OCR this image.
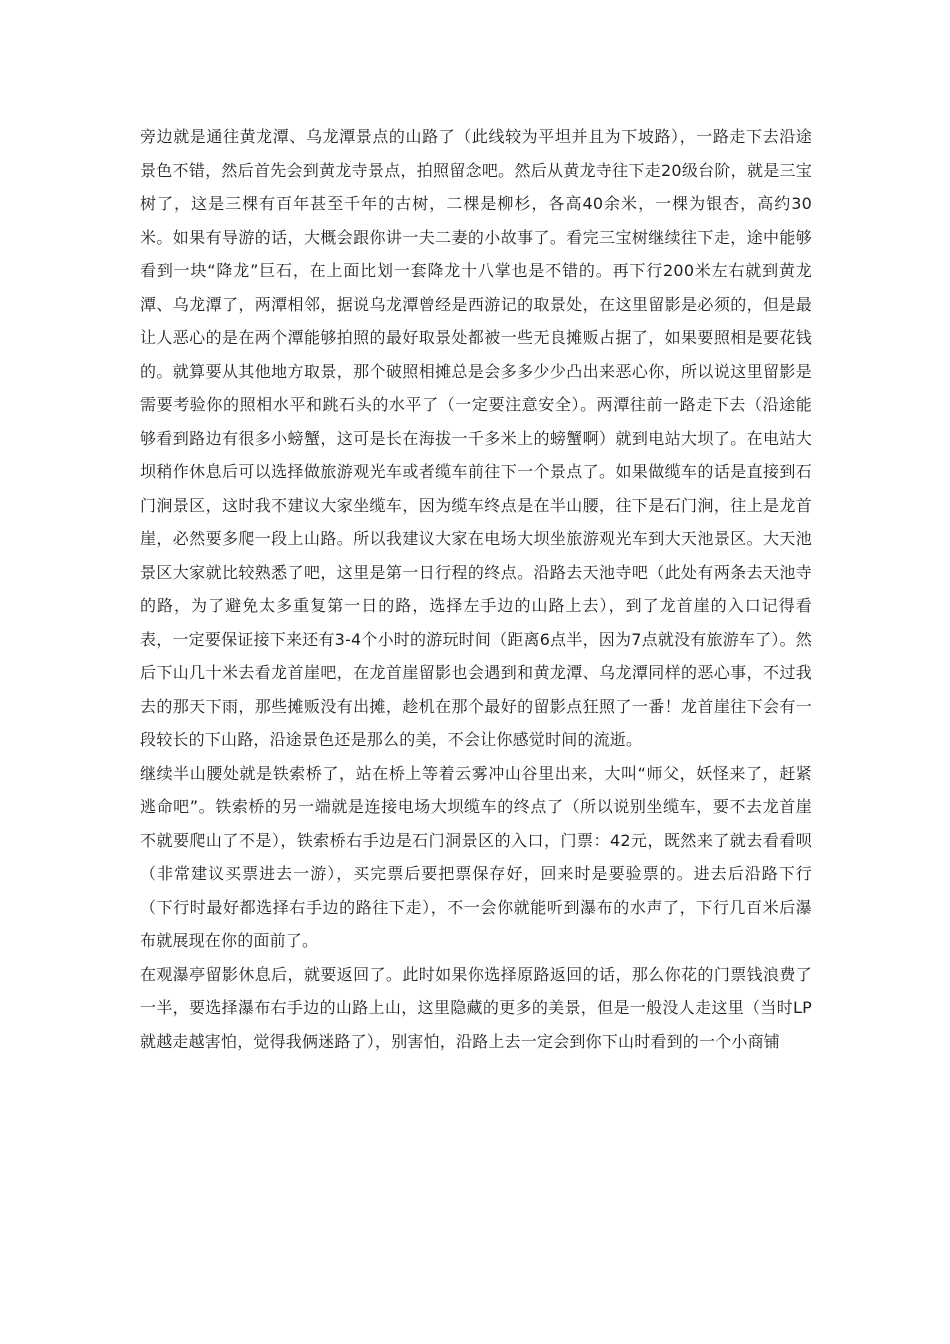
旁边就是通往黄龙潭、乌龙潭景点的山路了（此线较为平坦并且为下坡路），一路走下去沿途景色不错，然后首先会到黄龙寺景点，拍照留念吧。然后从黄龙寺往下走20级台阶，就是三宝树了，这是三棵有百年甚至千年的古树，二棵是柳杉，各高40余米，一棵为银杏，高约30米。如果有导游的话，大概会跟你讲一夫二妻的小故事了。看完三宝树继续往下走，途中能够看到一块“降龙”巨石，在上面比划一套降龙十八掌也是不错的。再下行200米左右就到黄龙潭、乌龙潭了，两潭相邻，据说乌龙潭曾经是西游记的取景处，在这里留影是必须的，但是最让人恶心的是在两个潭能够拍照的最好取景处都被一些无良摊贩占据了，如果要照相是要花钱的。就算要从其他地方取景，那个破照相摊总是会多多少少凸出来恶心你，所以说这里留影是需要考验你的照相水平和跳石头的水平了（一定要注意安全）。两潭往前一路走下去（沿途能够看到路边有很多小螃蟹，这可是长在海拔一千多米上的螃蟹啊）就到电站大坝了。在电站大坝稍作休息后可以选择做旅游观光车或者缆车前往下一个景点了。如果做缆车的话是直接到石门涧景区，这时我不建议大家坐缆车，因为缆车终点是在半山腰，往下是石门涧，往上是龙首崖，必然要多爬一段上山路。所以我建议大家在电场大坝坐旅游观光车到大天池景区。大天池景区大家就比较熟悉了吧，这里是第一日行程的终点。沿路去天池寺吧（此处有两条去天池寺的路，为了避免太多重复第一日的路，选择左手边的山路上去），到了龙首崖的入口记得看表，一定要保证接下来还有3-4个小时的游玩时间（距离6点半，因为7点就没有旅游车了）。然后下山几十米去看龙首崖吧，在龙首崖留影也会遇到和黄龙潭、乌龙潭同样的恶心事，不过我去的那天下雨，那些摊贩没有出摊，趁机在那个最好的留影点狂照了一番！龙首崖往下会有一段较长的下山路，沿途景色还是那么的美，不会让你感觉时间的流逝。

继续半山腰处就是铁索桥了，站在桥上等着云雾冲山谷里出来，大叫“师父，妖怪来了，赶紧逃命吧”。铁索桥的另一端就是连接电场大坝缆车的终点了（所以说别坐缆车，要不去龙首崖不就要爬山了不是），铁索桥右手边是石门洞景区的入口，门票：42元，既然来了就去看看呗（非常建议买票进去一游），买完票后要把票保存好，回来时是要验票的。进去后沿路下行（下行时最好都选择右手边的路往下走），不一会你就能听到瀑布的水声了，下行几百米后瀑布就展现在你的面前了。

在观瀑亭留影休息后，就要返回了。此时如果你选择原路返回的话，那么你花的门票钱浪费了一半，要选择瀑布右手边的山路上山，这里隐藏的更多的美景，但是一般没人走这里（当时LP就越走越害怕，觉得我俩迷路了），别害怕，沿路上去一定会到你下山时看到的一个小商铺
